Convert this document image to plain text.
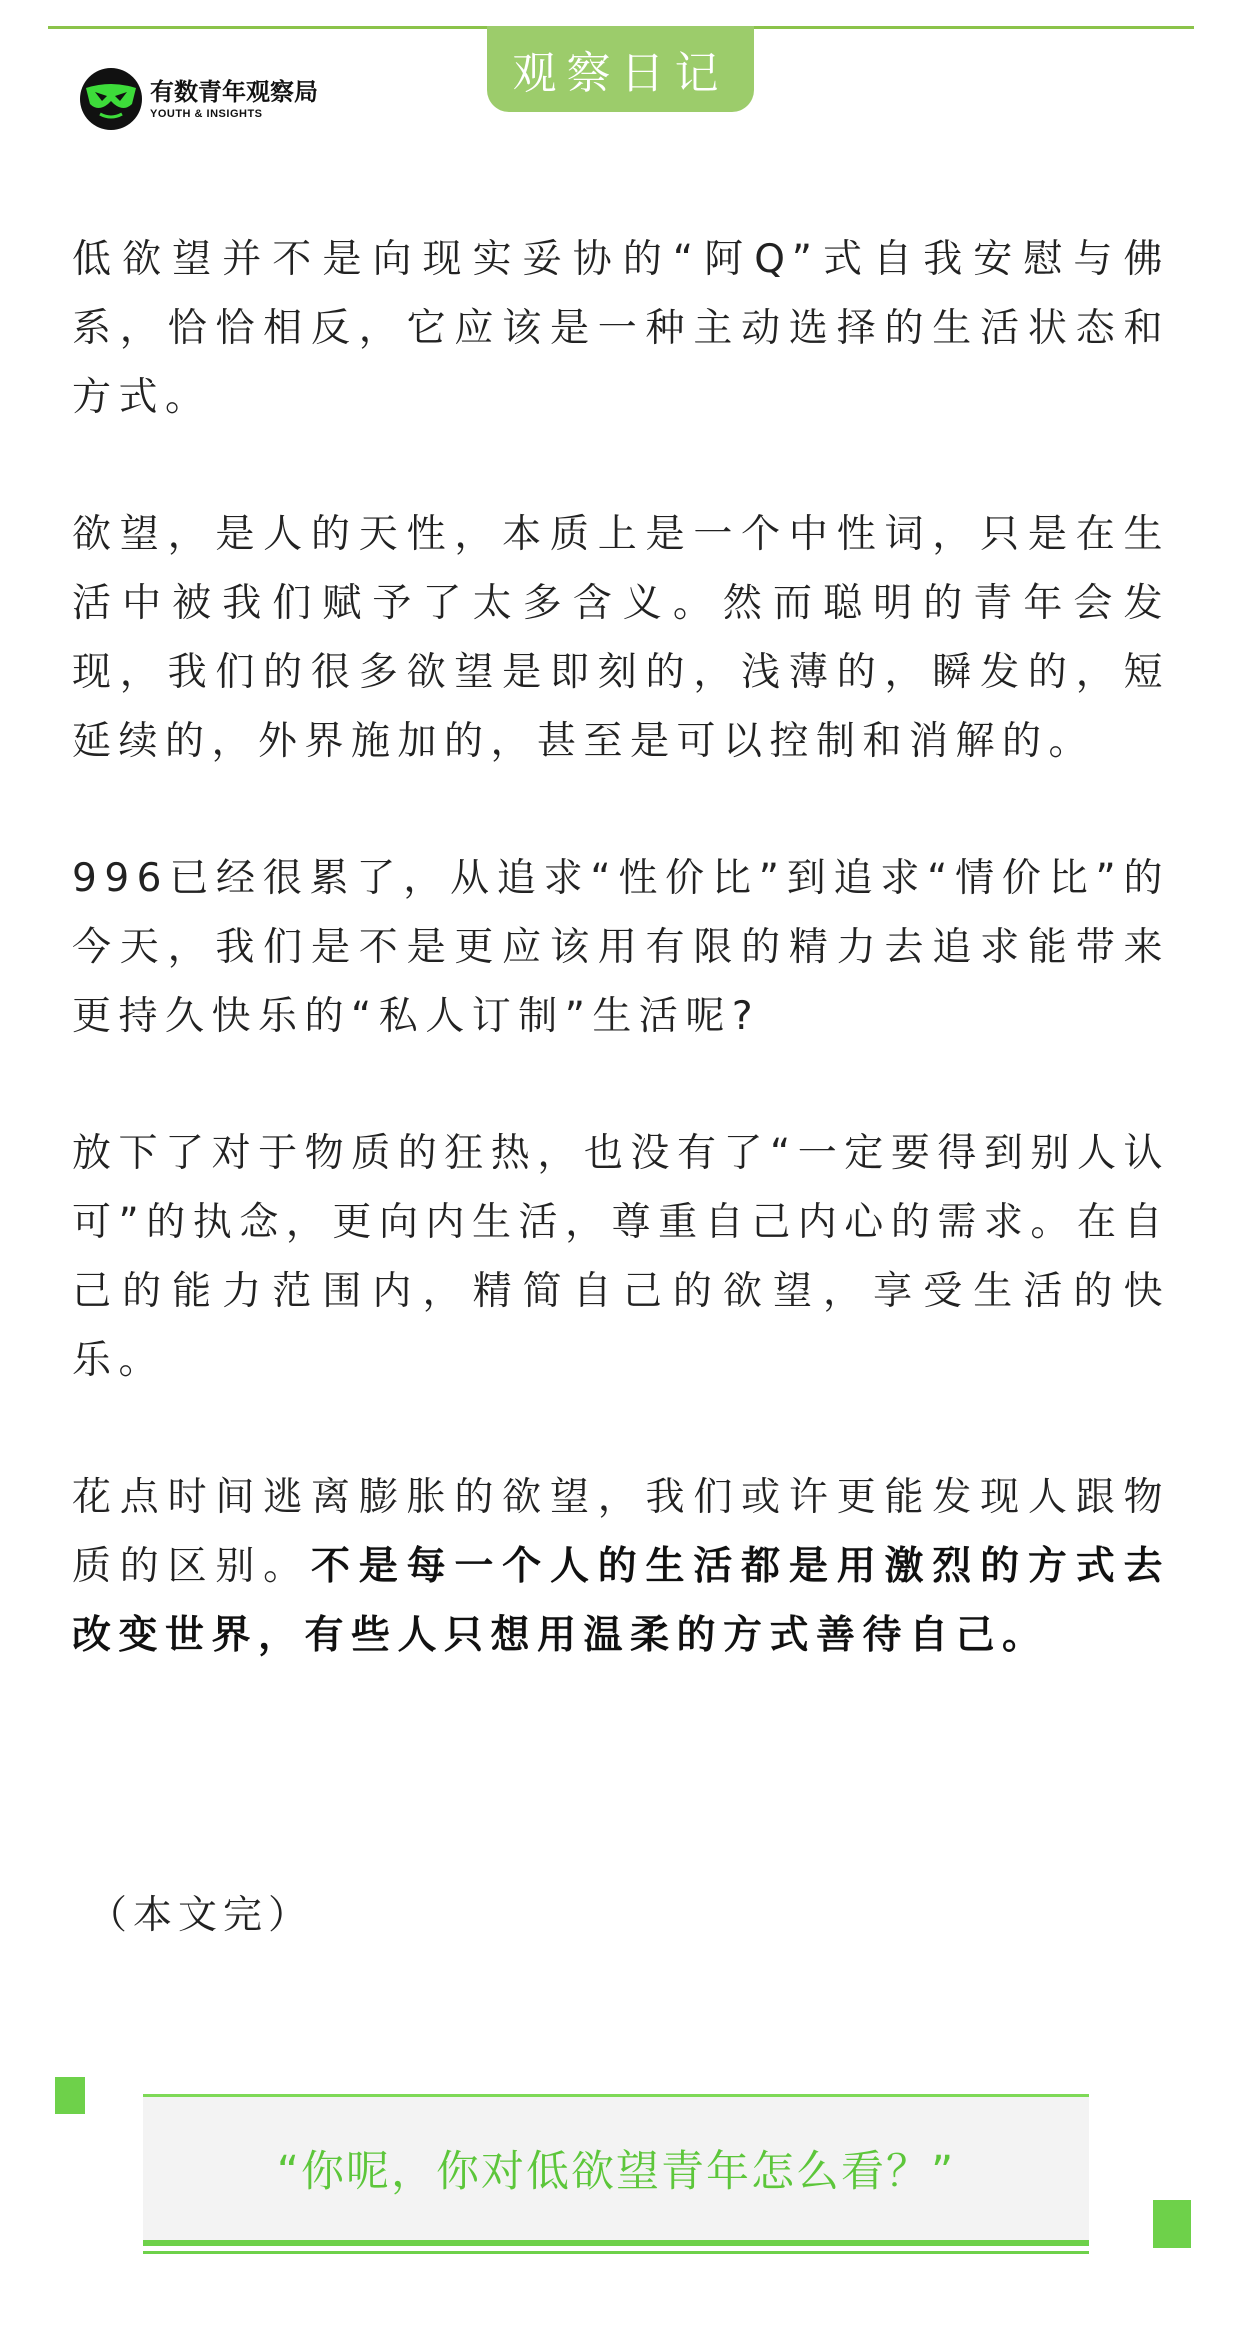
观察日记
有数青年观察局
YOUTH & INSIGHTS

低欲望并不是向现实妥协的“阿Q”式自我安慰与佛系，恰恰相反，它应该是一种主动选择的生活状态和方式。

欲望，是人的天性，本质上是一个中性词，只是在生活中被我们赋予了太多含义。然而聪明的青年会发现，我们的很多欲望是即刻的，浅薄的，瞬发的，短延续的，外界施加的，甚至是可以控制和消解的。

996已经很累了，从追求“性价比”到追求“情价比”的今天，我们是不是更应该用有限的精力去追求能带来更持久快乐的“私人订制”生活呢?

放下了对于物质的狂热，也没有了“一定要得到别人认可”的执念，更向内生活，尊重自己内心的需求。在自己的能力范围内，精简自己的欲望，享受生活的快乐。

花点时间逃离膨胀的欲望，我们或许更能发现人跟物质的区别。不是每一个人的生活都是用激烈的方式去改变世界，有些人只想用温柔的方式善待自己。

（本文完）
“你呢，你对低欲望青年怎么看？”
